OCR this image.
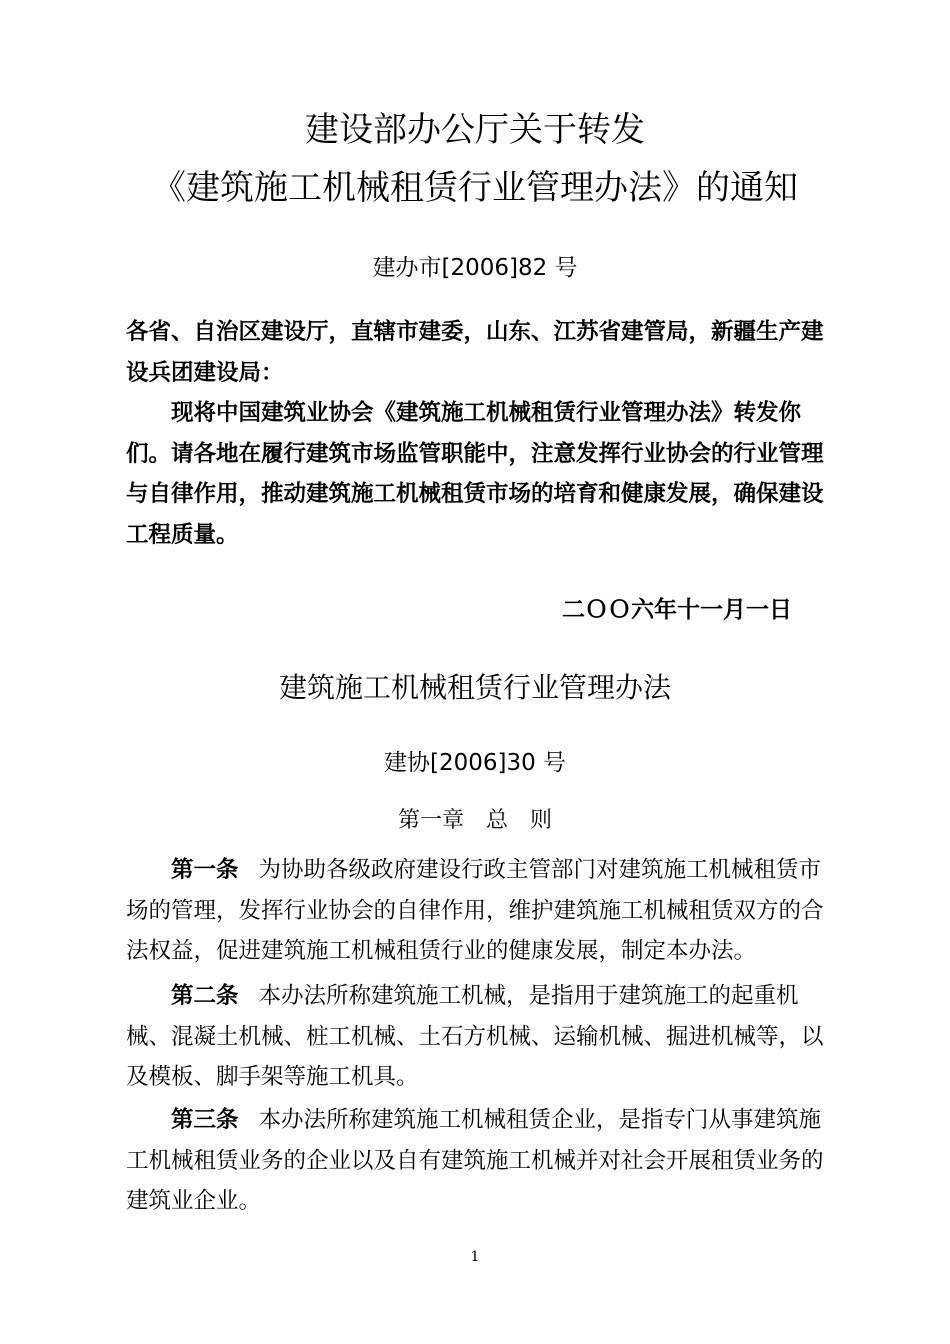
建设部办公厅关于转发
《建筑施工机械租赁行业管理办法》的通知
建办市[2006]82 号
各省、自治区建设厅，直辖市建委，山东、江苏省建管局，新疆生产建设兵团建设局：
现将中国建筑业协会《建筑施工机械租赁行业管理办法》转发你们。请各地在履行建筑市场监管职能中，注意发挥行业协会的行业管理与自律作用，推动建筑施工机械租赁市场的培育和健康发展，确保建设工程质量。
二ＯＯ六年十一月一日
建筑施工机械租赁行业管理办法
建协[2006]30 号
第一章　总　则
第一条 为协助各级政府建设行政主管部门对建筑施工机械租赁市场的管理，发挥行业协会的自律作用，维护建筑施工机械租赁双方的合法权益，促进建筑施工机械租赁行业的健康发展，制定本办法。
第二条 本办法所称建筑施工机械，是指用于建筑施工的起重机械、混凝土机械、桩工机械、土石方机械、运输机械、掘进机械等，以及模板、脚手架等施工机具。
第三条 本办法所称建筑施工机械租赁企业，是指专门从事建筑施工机械租赁业务的企业以及自有建筑施工机械并对社会开展租赁业务的建筑业企业。
1
